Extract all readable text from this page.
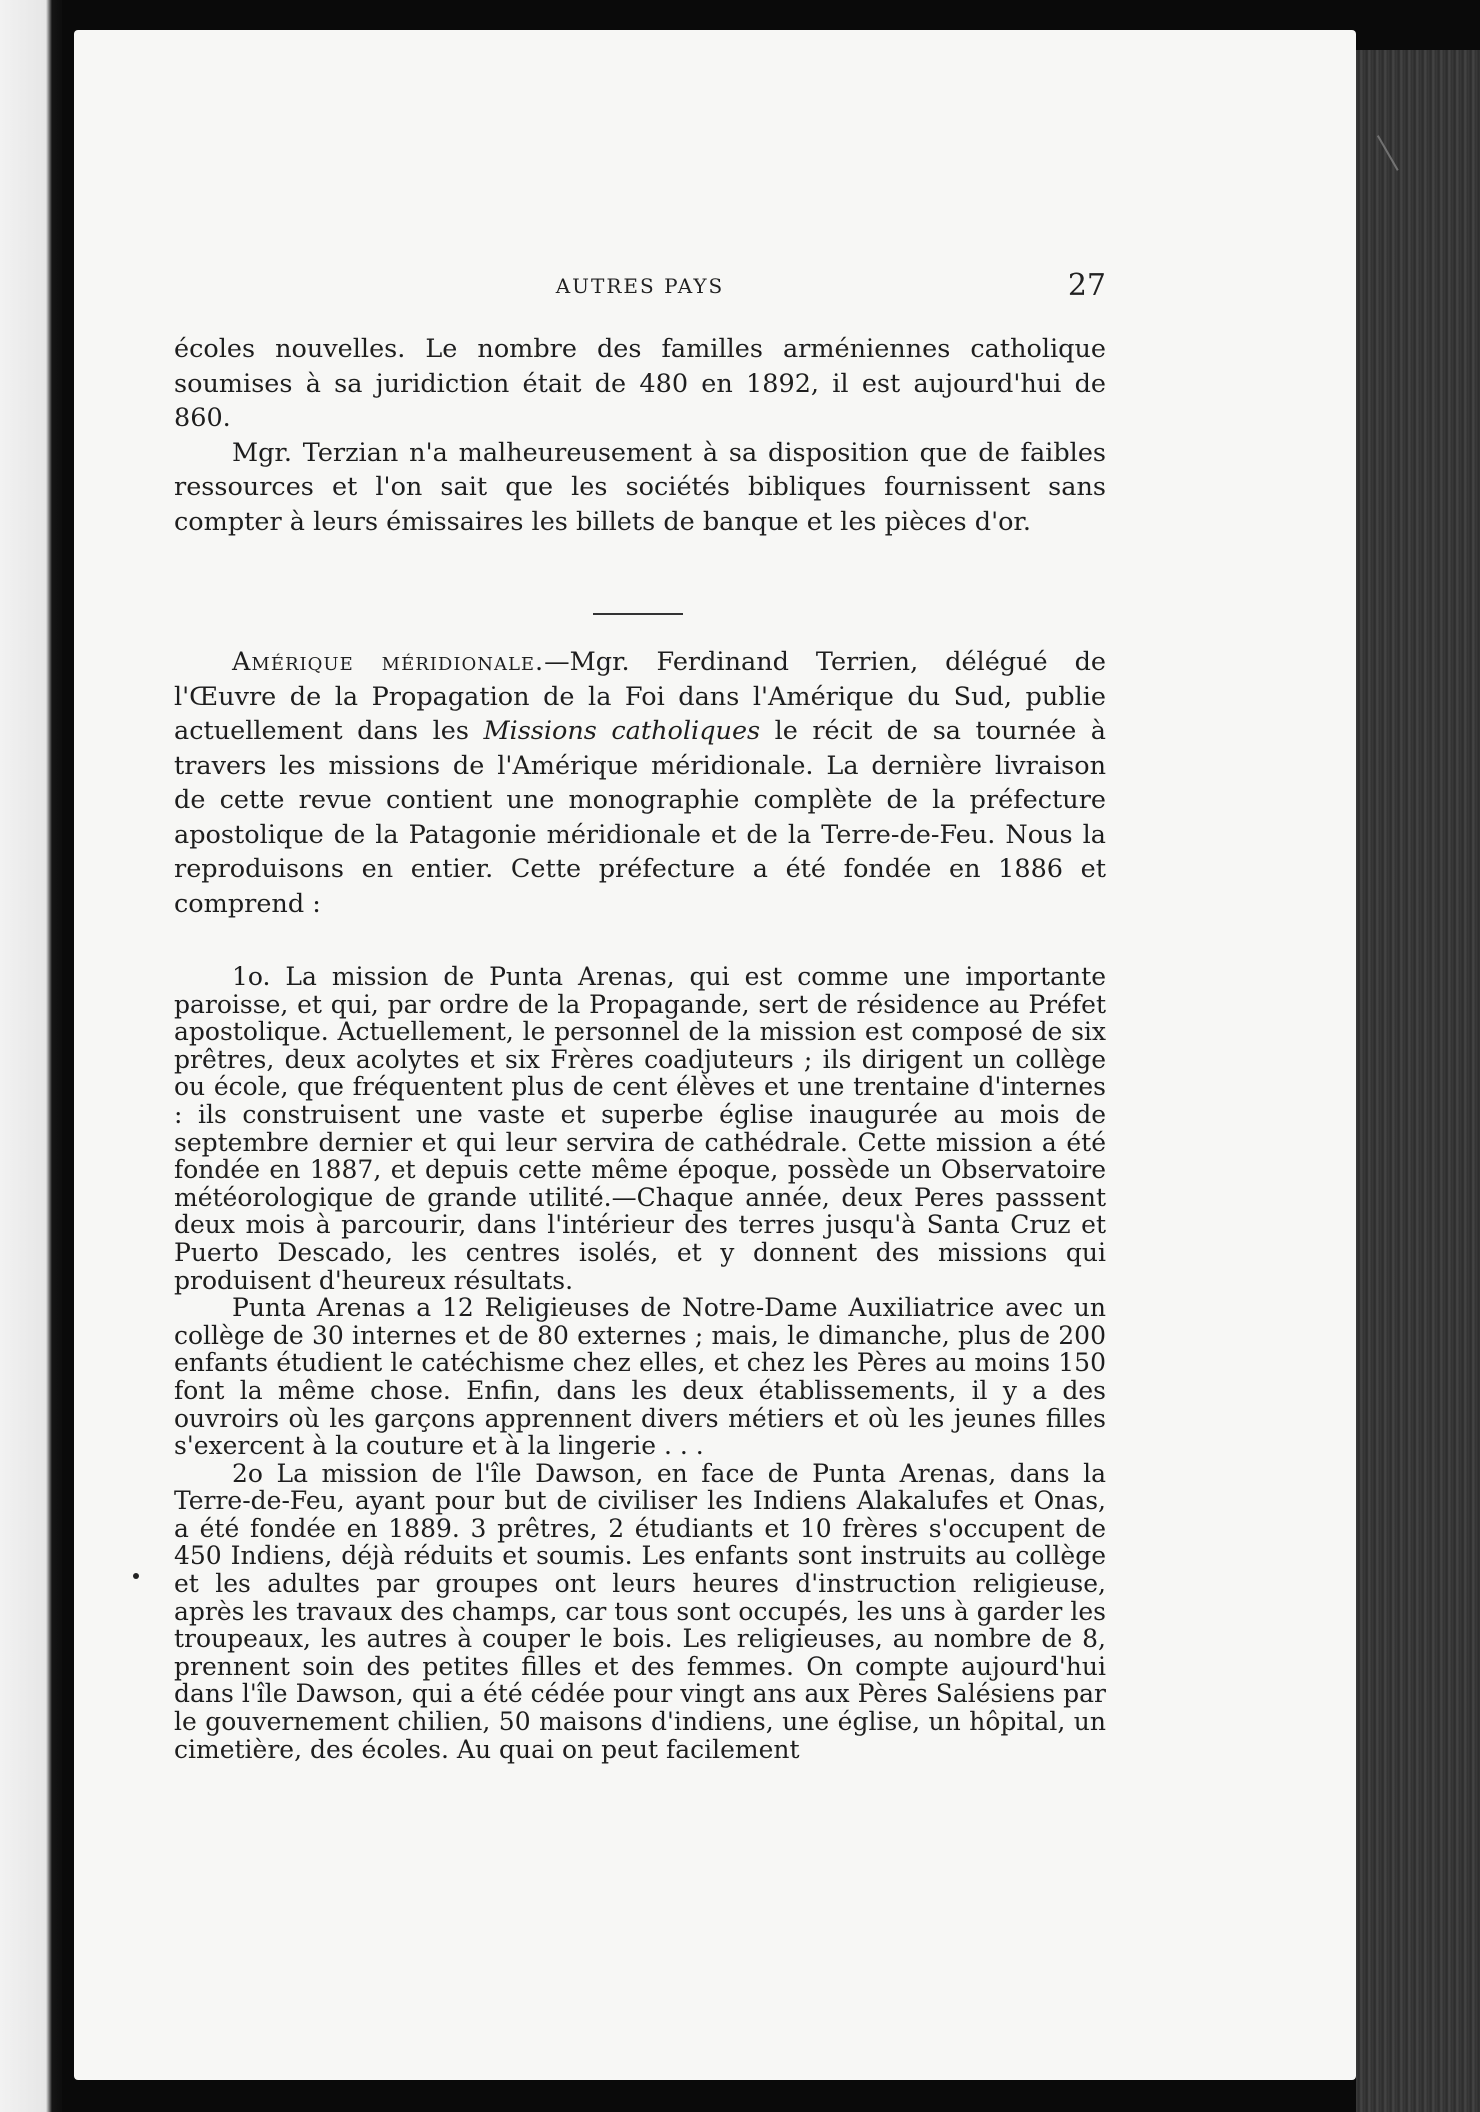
AUTRES PAYS	27

écoles nouvelles. Le nombre des familles arméniennes catholique soumises à sa juridiction était de 480 en 1892, il est aujourd'hui de 860.

Mgr. Terzian n'a malheureusement à sa disposition que de faibles ressources et l'on sait que les sociétés bibliques fournissent sans compter à leurs émissaires les billets de banque et les pièces d'or.

Amérique méridionale.—Mgr. Ferdinand Terrien, délégué de l'Œuvre de la Propagation de la Foi dans l'Amérique du Sud, publie actuellement dans les Missions catholiques le récit de sa tournée à travers les missions de l'Amérique méridionale. La dernière livraison de cette revue contient une monographie complète de la préfecture apostolique de la Patagonie méridionale et de la Terre-de-Feu. Nous la reproduisons en entier. Cette préfecture a été fondée en 1886 et comprend :

1o. La mission de Punta Arenas, qui est comme une importante paroisse, et qui, par ordre de la Propagande, sert de résidence au Préfet apostolique. Actuellement, le personnel de la mission est composé de six prêtres, deux acolytes et six Frères coadjuteurs ; ils dirigent un collège ou école, que fréquentent plus de cent élèves et une trentaine d'internes : ils construisent une vaste et superbe église inaugurée au mois de septembre dernier et qui leur servira de cathédrale. Cette mission a été fondée en 1887, et depuis cette même époque, possède un Observatoire météorologique de grande utilité.—Chaque année, deux Peres passsent deux mois à parcourir, dans l'intérieur des terres jusqu'à Santa Cruz et Puerto Descado, les centres isolés, et y donnent des missions qui produisent d'heureux résultats.

Punta Arenas a 12 Religieuses de Notre-Dame Auxiliatrice avec un collège de 30 internes et de 80 externes ; mais, le dimanche, plus de 200 enfants étudient le catéchisme chez elles, et chez les Pères au moins 150 font la même chose. Enfin, dans les deux établissements, il y a des ouvroirs où les garçons apprennent divers métiers et où les jeunes filles s'exercent à la couture et à la lingerie . . .

2o La mission de l'île Dawson, en face de Punta Arenas, dans la Terre-de-Feu, ayant pour but de civiliser les Indiens Alakalufes et Onas, a été fondée en 1889. 3 prêtres, 2 étudiants et 10 frères s'occupent de 450 Indiens, déjà réduits et soumis. Les enfants sont instruits au collège et les adultes par groupes ont leurs heures d'instruction religieuse, après les travaux des champs, car tous sont occupés, les uns à garder les troupeaux, les autres à couper le bois. Les religieuses, au nombre de 8, prennent soin des petites filles et des femmes. On compte aujourd'hui dans l'île Dawson, qui a été cédée pour vingt ans aux Pères Salésiens par le gouvernement chilien, 50 maisons d'indiens, une église, un hôpital, un cimetière, des écoles. Au quai on peut facilement
